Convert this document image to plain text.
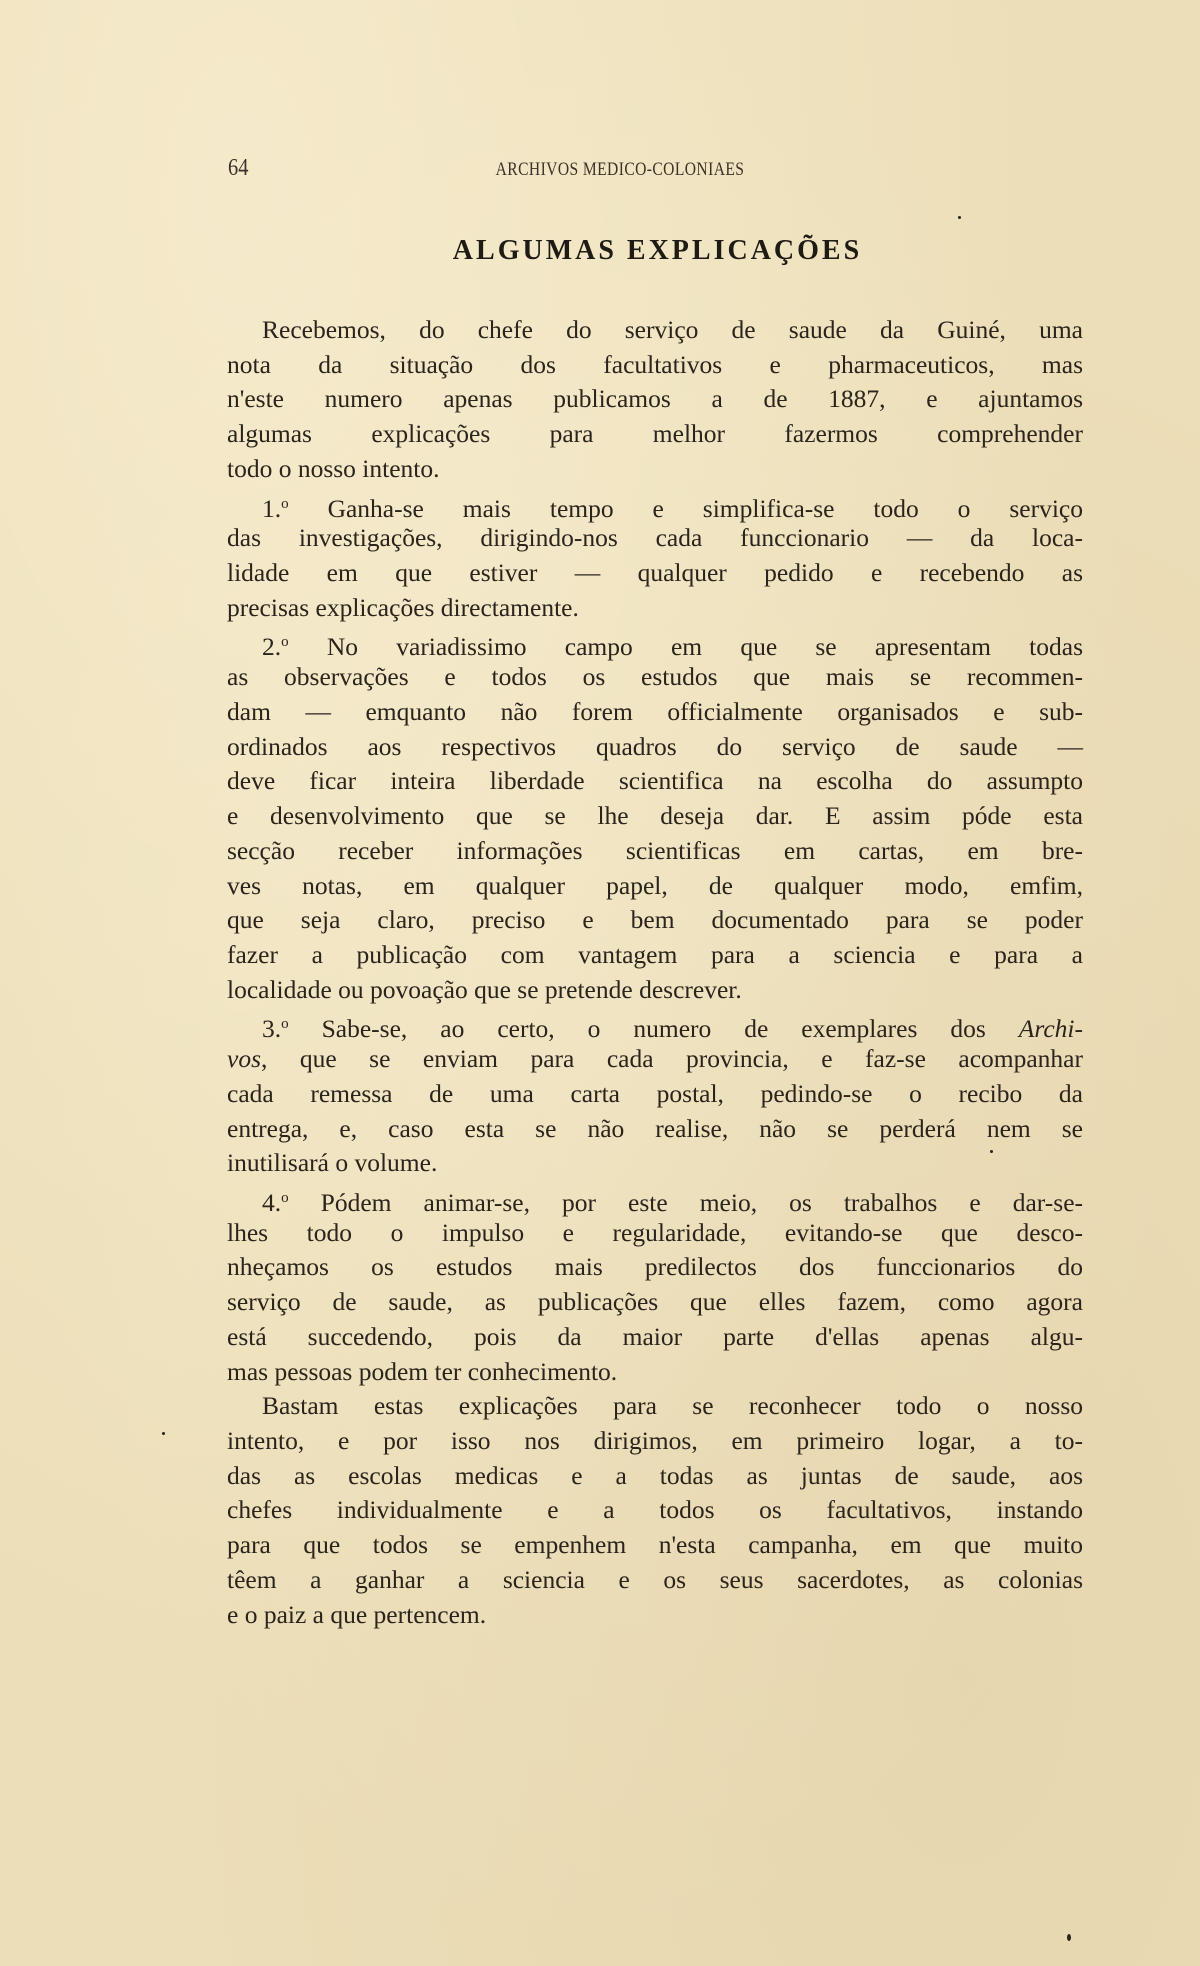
64	ARCHIVOS MEDICO-COLONIAES
ALGUMAS EXPLICAÇÕES
Recebemos, do chefe do serviço de saude da Guiné, uma
nota da situação dos facultativos e pharmaceuticos, mas
n'este numero apenas publicamos a de 1887, e ajuntamos
algumas explicações para melhor fazermos comprehender
todo o nosso intento.
1.$^o$ Ganha-se mais tempo e simplifica-se todo o serviço
das investigações, dirigindo-nos cada funccionario — da loca-
lidade em que estiver — qualquer pedido e recebendo as
precisas explicações directamente.
2.$^o$ No variadissimo campo em que se apresentam todas
as observações e todos os estudos que mais se recommen-
dam — emquanto não forem officialmente organisados e sub-
ordinados aos respectivos quadros do serviço de saude —
deve ficar inteira liberdade scientifica na escolha do assumpto
e desenvolvimento que se lhe deseja dar. E assim póde esta
secção receber informações scientificas em cartas, em bre-
ves notas, em qualquer papel, de qualquer modo, emfim,
que seja claro, preciso e bem documentado para se poder
fazer a publicação com vantagem para a sciencia e para a
localidade ou povoação que se pretende descrever.
3.$^o$ Sabe-se, ao certo, o numero de exemplares dos Archi-
vos, que se enviam para cada provincia, e faz-se acompanhar
cada remessa de uma carta postal, pedindo-se o recibo da
entrega, e, caso esta se não realise, não se perderá nem se
inutilisará o volume.
4.$^o$ Pódem animar-se, por este meio, os trabalhos e dar-se-
lhes todo o impulso e regularidade, evitando-se que desco-
nheçamos os estudos mais predilectos dos funccionarios do
serviço de saude, as publicações que elles fazem, como agora
está succedendo, pois da maior parte d'ellas apenas algu-
mas pessoas podem ter conhecimento.
Bastam estas explicações para se reconhecer todo o nosso
intento, e por isso nos dirigimos, em primeiro logar, a to-
das as escolas medicas e a todas as juntas de saude, aos
chefes individualmente e a todos os facultativos, instando
para que todos se empenhem n'esta campanha, em que muito
têem a ganhar a sciencia e os seus sacerdotes, as colonias
e o paiz a que pertencem.
